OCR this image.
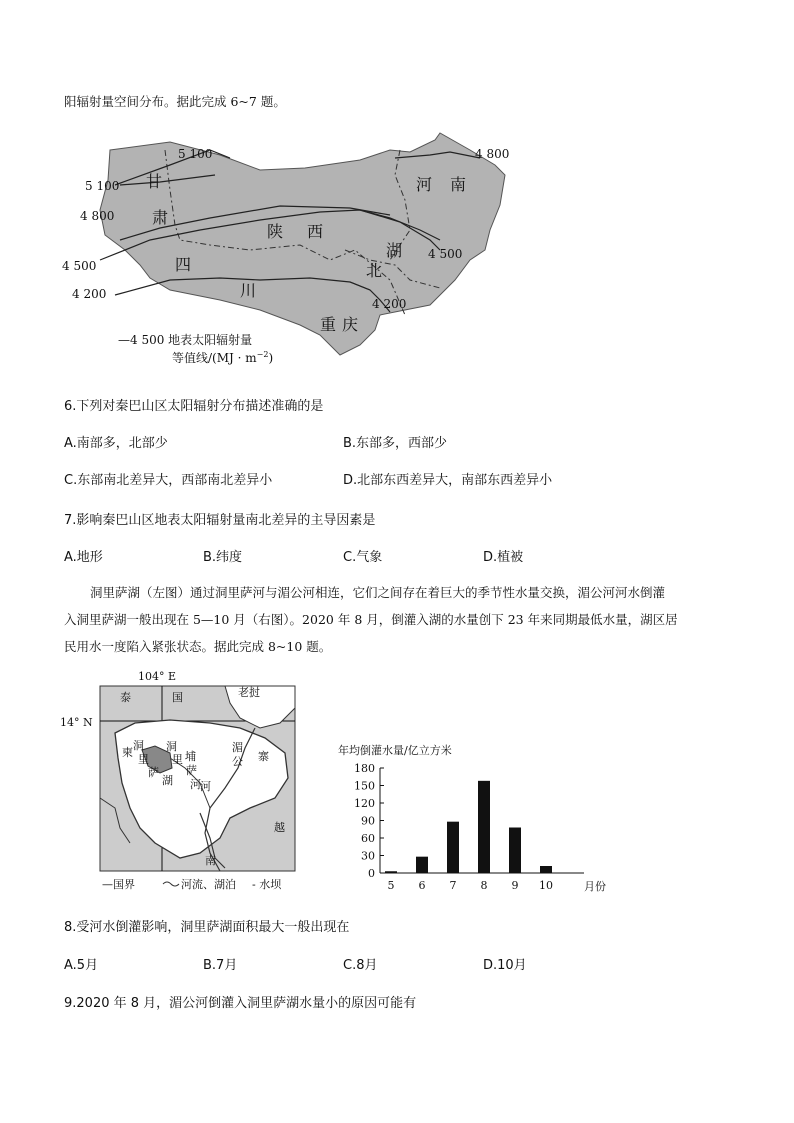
阳辐射量空间分布。据此完成 6~7 题。
5 100
5 100
4 800
4 500
4 200
4 800
4 500
4 200
甘
肃
河 南
陕 西
四
川
湖
北
重 庆
—4 500 地表太阳辐射量
等值线$/(MJ \cdot m^{-2})$
6.下列对秦巴山区太阳辐射分布描述准确的是
A.南部多，北部少	B.东部多，西部少
C.东部南北差异大，西部南北差异小	D.北部东西差异大，南部东西差异小
7.影响秦巴山区地表太阳辐射量南北差异的主导因素是
A.地形	B.纬度	C.气象	D.植被
洞里萨湖（左图）通过洞里萨河与湄公河相连，它们之间存在着巨大的季节性水量交换，湄公河河水倒灌
入洞里萨湖一般出现在 5—10 月（右图）。2020 年 8 月，倒灌入湖的水量创下 23 年来同期最低水量，湖区居
民用水一度陷入紧张状态。据此完成 8~10 题。
104° E
14° N
泰	国	老挝
柬
洞
里
萨
湖
洞
里
萨
河
埔	寨
湄
公
河
越
南
—国界	河流、湖泊 - 水坝
年均倒灌水量/亿立方米
月份
0
30
60
90
120
150
180
5 6 7 8 9 10
8.受河水倒灌影响，洞里萨湖面积最大一般出现在
A.5月	B.7月	C.8月	D.10月
9.2020 年 8 月，湄公河倒灌入洞里萨湖水量小的原因可能有
